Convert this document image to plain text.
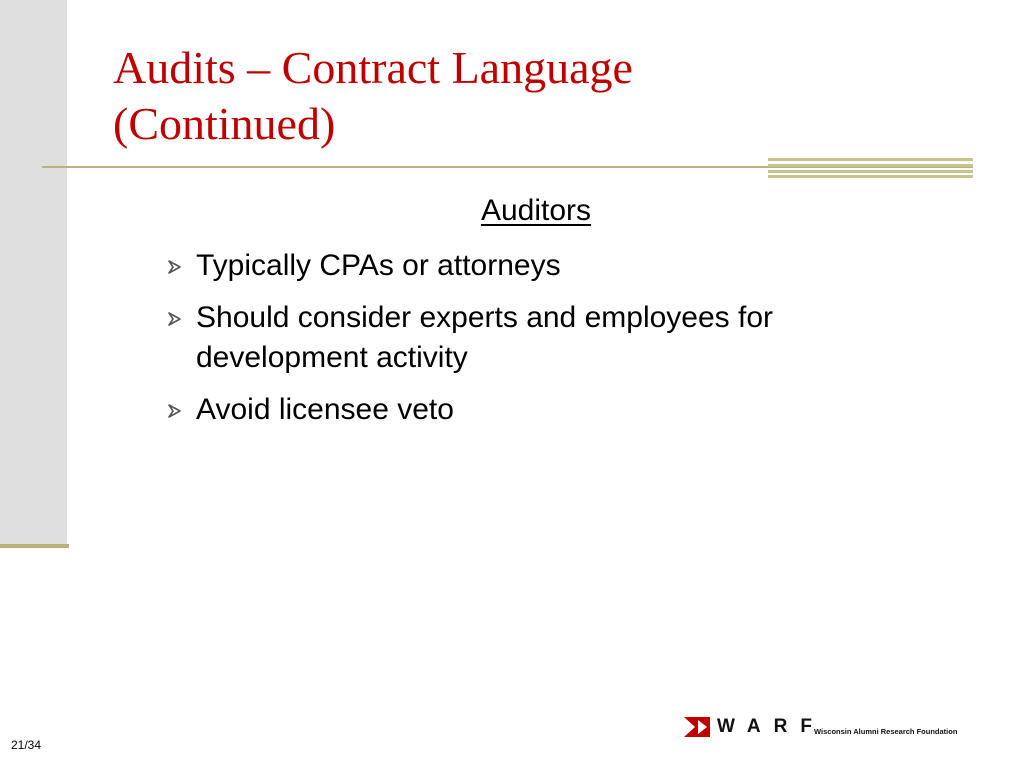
Audits – Contract Language
(Continued)
Auditors
Typically CPAs or attorneys
Should consider experts and employees for development activity
Avoid licensee veto
21/34
WARF
Wisconsin Alumni Research Foundation
